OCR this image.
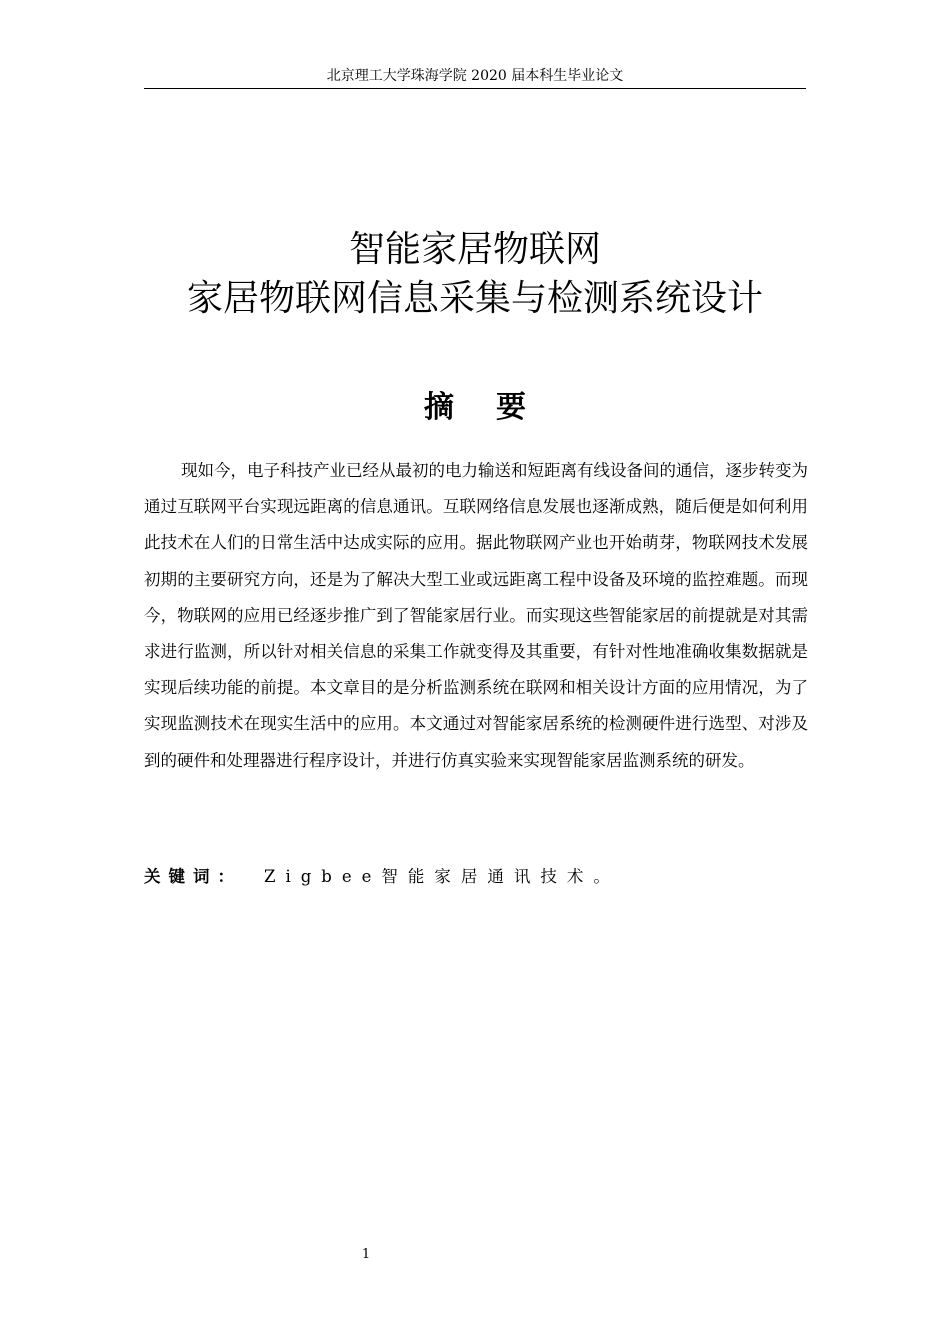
北京理工大学珠海学院 2020 届本科生毕业论文
智能家居物联网
家居物联网信息采集与检测系统设计
摘要

现如今，电子科技产业已经从最初的电力输送和短距离有线设备间的通信，逐步转变为通过互联网平台实现远距离的信息通讯。互联网络信息发展也逐渐成熟，随后便是如何利用此技术在人们的日常生活中达成实际的应用。据此物联网产业也开始萌芽，物联网技术发展初期的主要研究方向，还是为了解决大型工业或远距离工程中设备及环境的监控难题。而现今，物联网的应用已经逐步推广到了智能家居行业。而实现这些智能家居的前提就是对其需求进行监测，所以针对相关信息的采集工作就变得及其重要，有针对性地准确收集数据就是实现后续功能的前提。本文章目的是分析监测系统在联网和相关设计方面的应用情况，为了实现监测技术在现实生活中的应用。本文通过对智能家居系统的检测硬件进行选型、对涉及到的硬件和处理器进行程序设计，并进行仿真实验来实现智能家居监测系统的研发。

关键词： Zigbee智能家居通讯技术。
1
